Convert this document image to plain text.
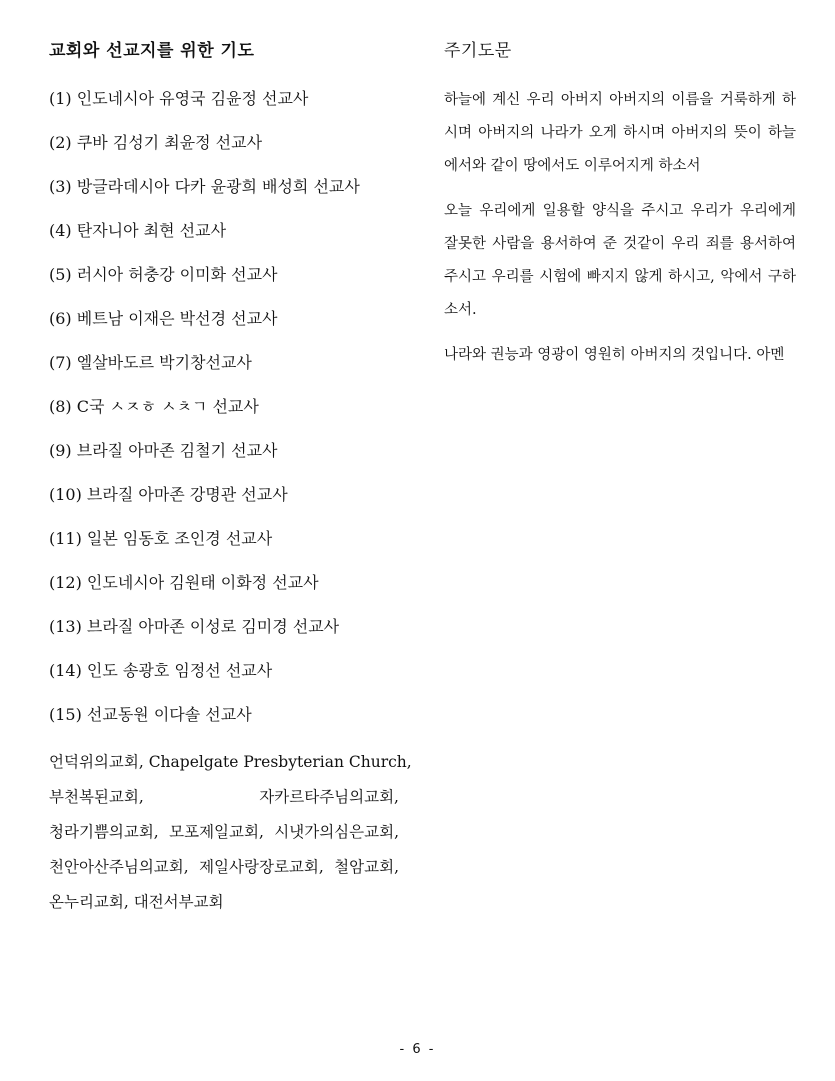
교회와 선교지를 위한 기도
(1) 인도네시아 유영국 김윤정 선교사
(2) 쿠바 김성기 최윤정 선교사
(3) 방글라데시아 다카 윤광희 배성희 선교사
(4) 탄자니아 최현 선교사
(5) 러시아 허충강 이미화 선교사
(6) 베트남 이재은 박선경 선교사
(7) 엘살바도르 박기창선교사
(8) C국 ㅅㅈㅎ ㅅㅊㄱ 선교사
(9) 브라질 아마존 김철기 선교사
(10) 브라질 아마존 강명관 선교사
(11) 일본 임동호 조인경 선교사
(12) 인도네시아 김원태 이화정 선교사
(13) 브라질 아마존 이성로 김미경 선교사
(14) 인도 송광호 임정선 선교사
(15) 선교동원 이다솔 선교사
언덕위의교회, Chapelgate Presbyterian Church,
부천복된교회, 자카르타주님의교회,
청라기쁨의교회, 모포제일교회, 시냇가의심은교회,
천안아산주님의교회, 제일사랑장로교회, 철암교회,
온누리교회, 대전서부교회
주기도문

하늘에 계신 우리 아버지 아버지의 이름을 거룩하게 하시며 아버지의 나라가 오게 하시며 아버지의 뜻이 하늘에서와 같이 땅에서도 이루어지게 하소서

오늘 우리에게 일용할 양식을 주시고 우리가 우리에게 잘못한 사람을 용서하여 준 것같이 우리 죄를 용서하여 주시고 우리를 시험에 빠지지 않게 하시고, 악에서 구하소서.

나라와 권능과 영광이 영원히 아버지의 것입니다. 아멘

- 6 -
